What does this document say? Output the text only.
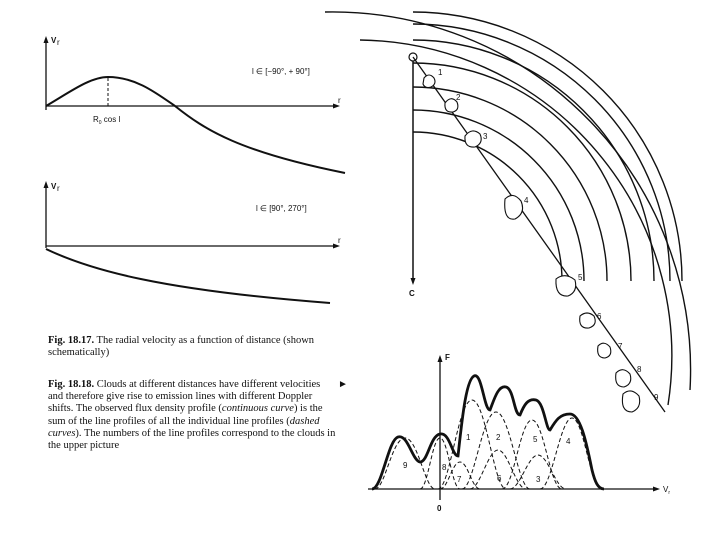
V r
r
l ∈ [−90°, + 90°]
$R_0$ cos l
V r
r
l ∈ [90°, 270°]
C
1
2
3
4
5
6
7
8
9
F
$V_r$
0
9	8
7
1	2
6
5
3
4
Fig. 18.17. The radial velocity as a function of distance (shown schematically)
Fig. 18.18. Clouds at different distances have different velocities and therefore give rise to emission lines with different Doppler shifts. The observed flux density profile (continuous curve) is the sum of the line profiles of all the individual line profiles (dashed curves). The numbers of the line profiles correspond to the clouds in the upper picture
►
